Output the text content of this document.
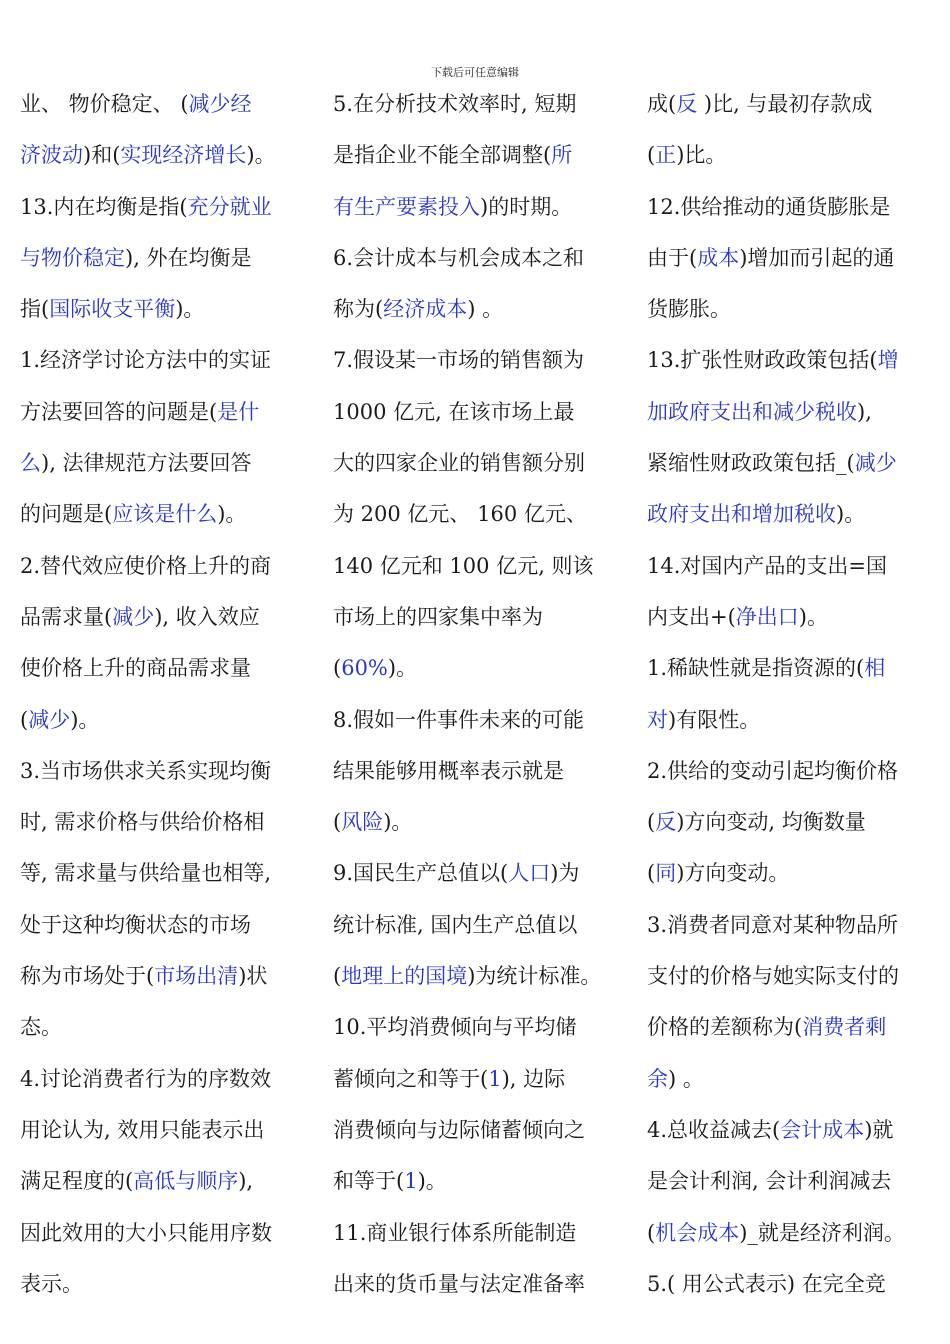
下载后可任意编辑
业、 物价稳定、 (减少经
济波动)和(实现经济增长)。
13.内在均衡是指(充分就业
与物价稳定), 外在均衡是
指(国际收支平衡)。
1.经济学讨论方法中的实证
方法要回答的问题是(是什
么), 法律规范方法要回答
的问题是(应该是什么)。
2.替代效应使价格上升的商
品需求量(减少), 收入效应
使价格上升的商品需求量
(减少)。
3.当市场供求关系实现均衡
时, 需求价格与供给价格相
等, 需求量与供给量也相等,
处于这种均衡状态的市场
称为市场处于(市场出清)状
态。
4.讨论消费者行为的序数效
用论认为, 效用只能表示出
满足程度的(高低与顺序),
因此效用的大小只能用序数
表示。
5.在分析技术效率时, 短期
是指企业不能全部调整(所
有生产要素投入)的时期。
6.会计成本与机会成本之和
称为(经济成本) 。
7.假设某一市场的销售额为
1000 亿元, 在该市场上最
大的四家企业的销售额分别
为 200 亿元、 160 亿元、
140 亿元和 100 亿元, 则该
市场上的四家集中率为
(60%)。
8.假如一件事件未来的可能
结果能够用概率表示就是
(风险)。
9.国民生产总值以(人口)为
统计标准, 国内生产总值以
(地理上的国境)为统计标准。
10.平均消费倾向与平均储
蓄倾向之和等于(1), 边际
消费倾向与边际储蓄倾向之
和等于(1)。
11.商业银行体系所能制造
出来的货币量与法定准备率
成(反 )比, 与最初存款成
(正)比。
12.供给推动的通货膨胀是
由于(成本)增加而引起的通
货膨胀。
13.扩张性财政政策包括(增
加政府支出和减少税收),
紧缩性财政政策包括_(减少
政府支出和增加税收)。
14.对国内产品的支出=国
内支出+(净出口)。
1.稀缺性就是指资源的(相
对)有限性。
2.供给的变动引起均衡价格
(反)方向变动, 均衡数量
(同)方向变动。
3.消费者同意对某种物品所
支付的价格与她实际支付的
价格的差额称为(消费者剩
余) 。
4.总收益减去(会计成本)就
是会计利润, 会计利润减去
(机会成本)_就是经济利润。
5.( 用公式表示) 在完全竞
